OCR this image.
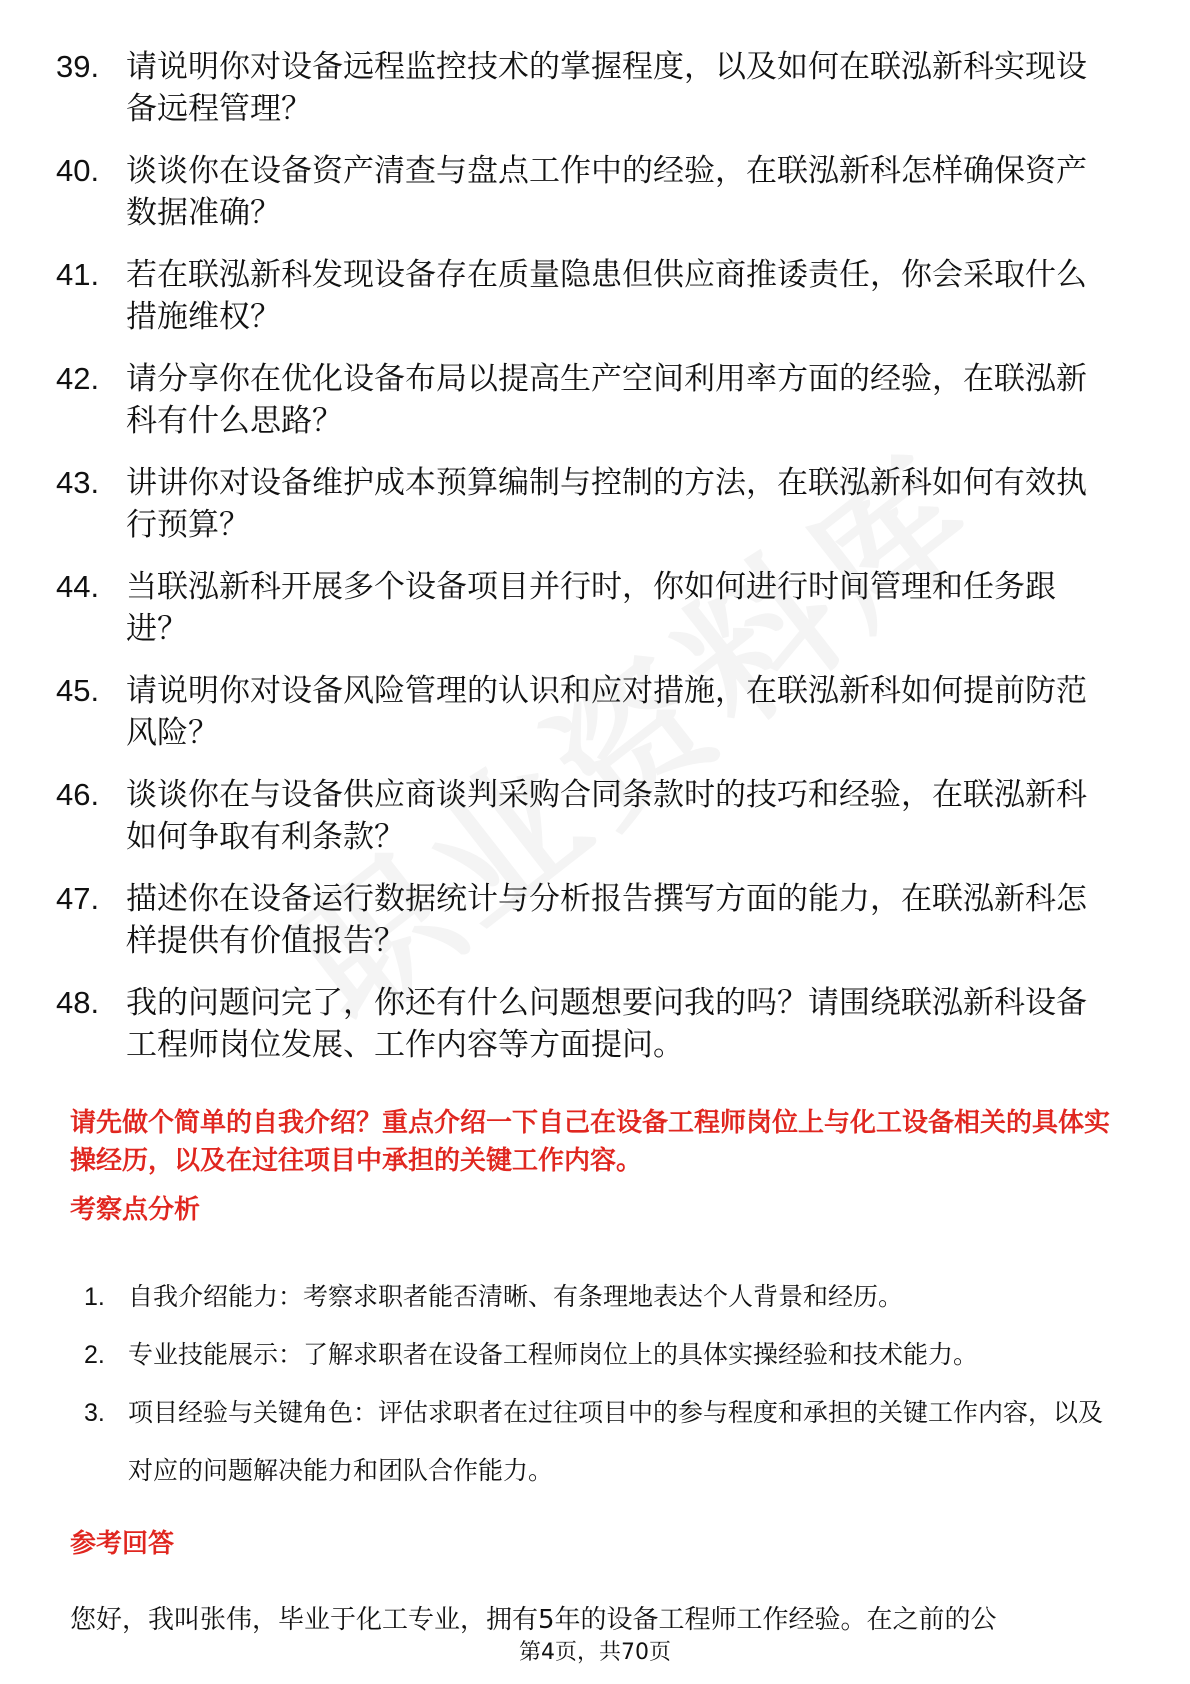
39. 请说明你对设备远程监控技术的掌握程度，以及如何在联泓新科实现设备远程管理？
40. 谈谈你在设备资产清查与盘点工作中的经验，在联泓新科怎样确保资产数据准确？
41. 若在联泓新科发现设备存在质量隐患但供应商推诿责任，你会采取什么措施维权？
42. 请分享你在优化设备布局以提高生产空间利用率方面的经验，在联泓新科有什么思路？
43. 讲讲你对设备维护成本预算编制与控制的方法，在联泓新科如何有效执行预算？
44. 当联泓新科开展多个设备项目并行时，你如何进行时间管理和任务跟进？
45. 请说明你对设备风险管理的认识和应对措施，在联泓新科如何提前防范风险？
46. 谈谈你在与设备供应商谈判采购合同条款时的技巧和经验，在联泓新科如何争取有利条款？
47. 描述你在设备运行数据统计与分析报告撰写方面的能力，在联泓新科怎样提供有价值报告？
48. 我的问题问完了，你还有什么问题想要问我的吗？请围绕联泓新科设备工程师岗位发展、工作内容等方面提问。
请先做个简单的自我介绍？重点介绍一下自己在设备工程师岗位上与化工设备相关的具体实操经历，以及在过往项目中承担的关键工作内容。
考察点分析
1. 自我介绍能力：考察求职者能否清晰、有条理地表达个人背景和经历。
2. 专业技能展示：了解求职者在设备工程师岗位上的具体实操经验和技术能力。
3. 项目经验与关键角色：评估求职者在过往项目中的参与程度和承担的关键工作内容，以及对应的问题解决能力和团队合作能力。
参考回答
您好，我叫张伟，毕业于化工专业，拥有5年的设备工程师工作经验。在之前的公
第4页，共70页
